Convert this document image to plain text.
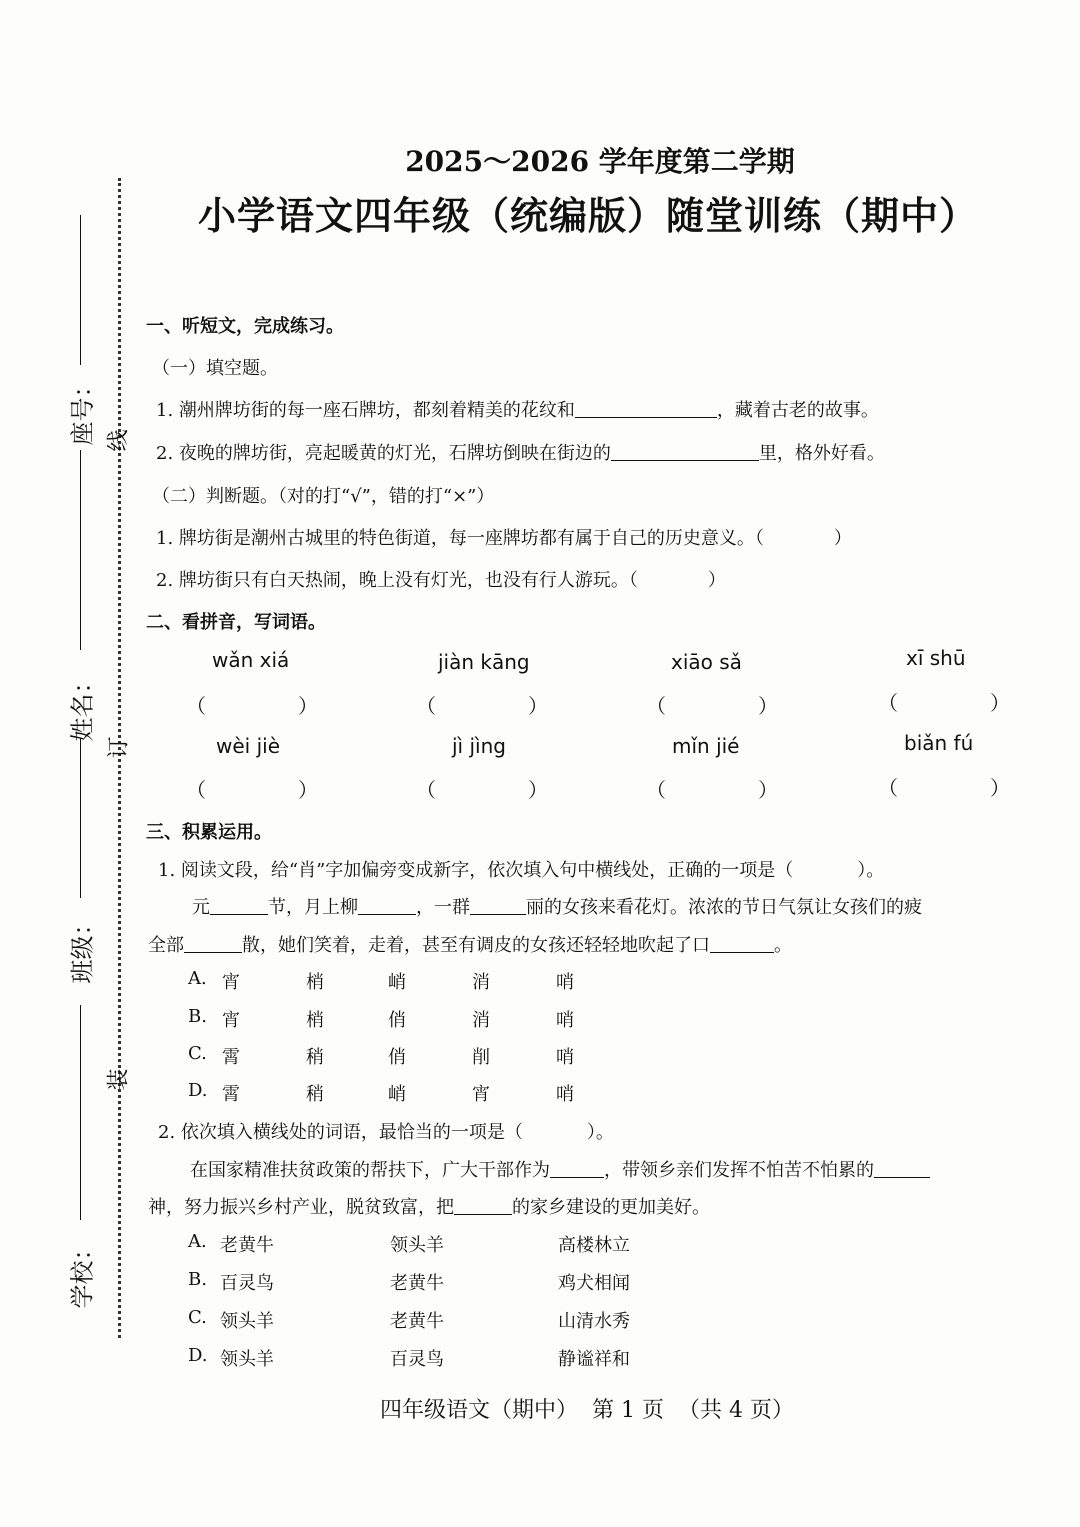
座号：
姓名：
班级：
学校：
线
订
装
2025～2026 学年度第二学期
小学语文四年级（统编版）随堂训练（期中）
一、听短文，完成练习。
（一）填空题。
1. 潮州牌坊街的每一座石牌坊，都刻着精美的花纹和	，藏着古老的故事。
2. 夜晚的牌坊街，亮起暖黄的灯光，石牌坊倒映在街边的	里，格外好看。
（二）判断题。（对的打“√”，错的打“×”）
1. 牌坊街是潮州古城里的特色街道，每一座牌坊都有属于自己的历史意义。（	）
2. 牌坊街只有白天热闹，晚上没有灯光，也没有行人游玩。（	）
二、看拼音，写词语。
wǎn xiá	jiàn kāng	xiāo sǎ	xī shū
（	）	（	）	（	）	（	）
wèi jiè	jì jìng	mǐn jié	biǎn fú
（	）	（	）	（	）	（	）
三、积累运用。
1. 阅读文段，给“肖”字加偏旁变成新字，依次填入句中横线处，正确的一项是（	）。
元	节，月上柳	，一群	丽的女孩来看花灯。浓浓的节日气氛让女孩们的疲
全部	散，她们笑着，走着，甚至有调皮的女孩还轻轻地吹起了口	。
A. 宵	梢	峭	消	哨
B. 宵	梢	俏	消	哨
C. 霄	稍	俏	削	哨
D. 霄	稍	峭	宵	哨
2. 依次填入横线处的词语，最恰当的一项是（	）。
在国家精准扶贫政策的帮扶下，广大干部作为	，带领乡亲们发挥不怕苦不怕累的
神，努力振兴乡村产业，脱贫致富，把	的家乡建设的更加美好。
A. 老黄牛	领头羊	高楼林立
B. 百灵鸟	老黄牛	鸡犬相闻
C. 领头羊	老黄牛	山清水秀
D. 领头羊	百灵鸟	静谧祥和
四年级语文（期中）  第 1 页  （共 4 页）
